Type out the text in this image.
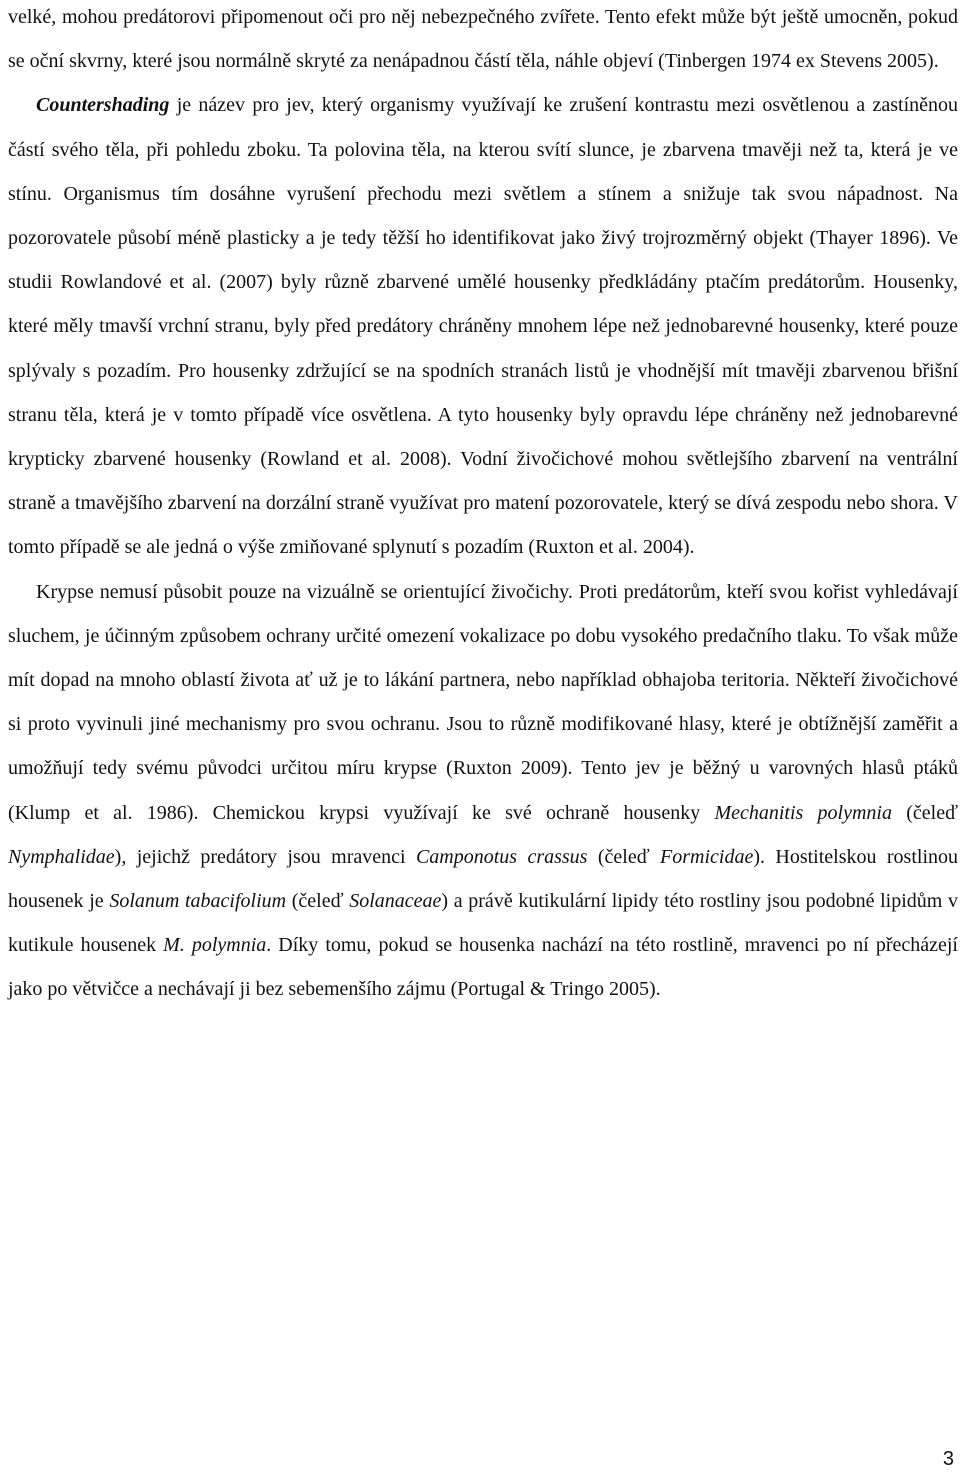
velké, mohou predátorovi připomenout oči pro něj nebezpečného zvířete. Tento efekt může být ještě umocněn, pokud se oční skvrny, které jsou normálně skryté za nenápadnou částí těla, náhle objeví (Tinbergen 1974 ex Stevens 2005).

Countershading je název pro jev, který organismy využívají ke zrušení kontrastu mezi osvětlenou a zastíněnou částí svého těla, při pohledu zboku. Ta polovina těla, na kterou svítí slunce, je zbarvena tmavěji než ta, která je ve stínu. Organismus tím dosáhne vyrušení přechodu mezi světlem a stínem a snižuje tak svou nápadnost. Na pozorovatele působí méně plasticky a je tedy těžší ho identifikovat jako živý trojrozměrný objekt (Thayer 1896). Ve studii Rowlandové et al. (2007) byly různě zbarvené umělé housenky předkládány ptačím predátorům. Housenky, které měly tmavší vrchní stranu, byly před predátory chráněny mnohem lépe než jednobarevné housenky, které pouze splývaly s pozadím. Pro housenky zdržující se na spodních stranách listů je vhodnější mít tmavěji zbarvenou břišní stranu těla, která je v tomto případě více osvětlena. A tyto housenky byly opravdu lépe chráněny než jednobarevné krypticky zbarvené housenky (Rowland et al. 2008). Vodní živočichové mohou světlejšího zbarvení na ventrální straně a tmavějšího zbarvení na dorzální straně využívat pro matení pozorovatele, který se dívá zespodu nebo shora. V tomto případě se ale jedná o výše zmiňované splynutí s pozadím (Ruxton et al. 2004).

Krypse nemusí působit pouze na vizuálně se orientující živočichy. Proti predátorům, kteří svou kořist vyhledávají sluchem, je účinným způsobem ochrany určité omezení vokalizace po dobu vysokého predačního tlaku. To však může mít dopad na mnoho oblastí života ať už je to lákání partnera, nebo například obhajoba teritoria. Někteří živočichové si proto vyvinuli jiné mechanismy pro svou ochranu. Jsou to různě modifikované hlasy, které je obtížnější zaměřit a umožňují tedy svému původci určitou míru krypse (Ruxton 2009). Tento jev je běžný u varovných hlasů ptáků (Klump et al. 1986). Chemickou krypsi využívají ke své ochraně housenky Mechanitis polymnia (čeleď Nymphalidae), jejichž predátory jsou mravenci Camponotus crassus (čeleď Formicidae). Hostitelskou rostlinou housenek je Solanum tabacifolium (čeleď Solanaceae) a právě kutikulární lipidy této rostliny jsou podobné lipidům v kutikule housenek M. polymnia. Díky tomu, pokud se housenka nachází na této rostlině, mravenci po ní přecházejí jako po větvičce a nechávají ji bez sebemenšího zájmu (Portugal & Tringo 2005).

3
